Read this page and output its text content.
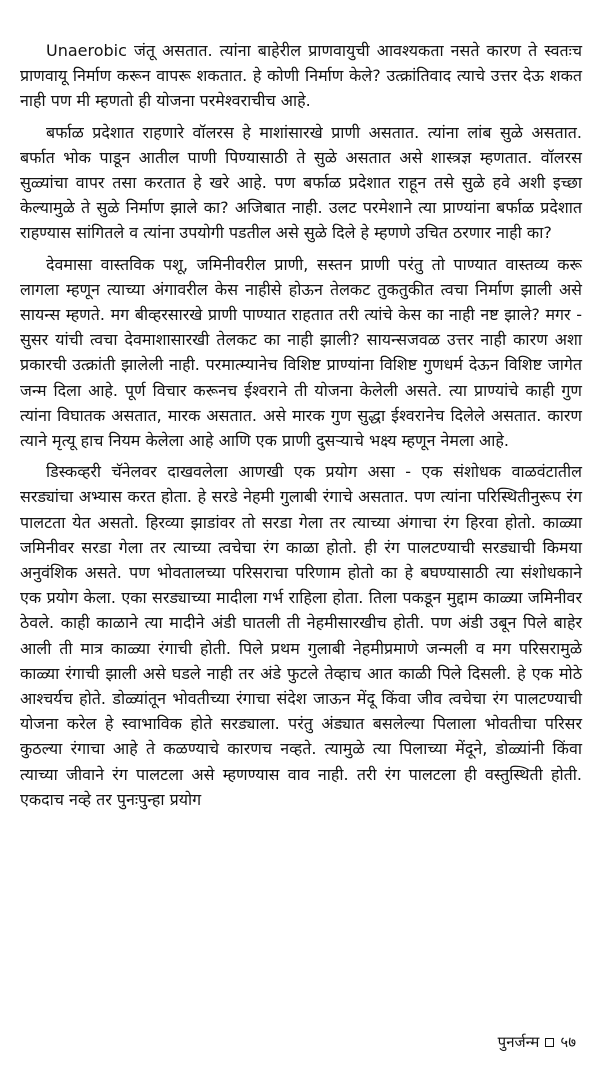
Unaerobic जंतू असतात. त्यांना बाहेरील प्राणवायुची आवश्यकता नसते कारण ते स्वतःच प्राणवायू निर्माण करून वापरू शकतात. हे कोणी निर्माण केले? उत्क्रांतिवाद त्याचे उत्तर देऊ शकत नाही पण मी म्हणतो ही योजना परमेश्वराचीच आहे.

बर्फाळ प्रदेशात राहणारे वॉलरस हे माशांसारखे प्राणी असतात. त्यांना लांब सुळे असतात. बर्फात भोक पाडून आतील पाणी पिण्यासाठी ते सुळे असतात असे शास्त्रज्ञ म्हणतात. वॉलरस सुळ्यांचा वापर तसा करतात हे खरे आहे. पण बर्फाळ प्रदेशात राहून तसे सुळे हवे अशी इच्छा केल्यामुळे ते सुळे निर्माण झाले का? अजिबात नाही. उलट परमेशाने त्या प्राण्यांना बर्फाळ प्रदेशात राहण्यास सांगितले व त्यांना उपयोगी पडतील असे सुळे दिले हे म्हणणे उचित ठरणार नाही का?

देवमासा वास्तविक पशू, जमिनीवरील प्राणी, सस्तन प्राणी परंतु तो पाण्यात वास्तव्य करू लागला म्हणून त्याच्या अंगावरील केस नाहीसे होऊन तेलकट तुकतुकीत त्वचा निर्माण झाली असे सायन्स म्हणते. मग बीव्हरसारखे प्राणी पाण्यात राहतात तरी त्यांचे केस का नाही नष्ट झाले? मगर - सुसर यांची त्वचा देवमाशासारखी तेलकट का नाही झाली? सायन्सजवळ उत्तर नाही कारण अशा प्रकारची उत्क्रांती झालेली नाही. परमात्म्यानेच विशिष्ट प्राण्यांना विशिष्ट गुणधर्म देऊन विशिष्ट जागेत जन्म दिला आहे. पूर्ण विचार करूनच ईश्वराने ती योजना केलेली असते. त्या प्राण्यांचे काही गुण त्यांना विघातक असतात, मारक असतात. असे मारक गुण सुद्धा ईश्वरानेच दिलेले असतात. कारण त्याने मृत्यू हाच नियम केलेला आहे आणि एक प्राणी दुसऱ्याचे भक्ष्य म्हणून नेमला आहे.

डिस्कव्हरी चॅनेलवर दाखवलेला आणखी एक प्रयोग असा - एक संशोधक वाळवंटातील सरड्यांचा अभ्यास करत होता. हे सरडे नेहमी गुलाबी रंगाचे असतात. पण त्यांना परिस्थितीनुरूप रंग पालटता येत असतो. हिरव्या झाडांवर तो सरडा गेला तर त्याच्या अंगाचा रंग हिरवा होतो. काळ्या जमिनीवर सरडा गेला तर त्याच्या त्वचेचा रंग काळा होतो. ही रंग पालटण्याची सरड्याची किमया अनुवंशिक असते. पण भोवतालच्या परिसराचा परिणाम होतो का हे बघण्यासाठी त्या संशोधकाने एक प्रयोग केला. एका सरड्याच्या मादीला गर्भ राहिला होता. तिला पकडून मुद्दाम काळ्या जमिनीवर ठेवले. काही काळाने त्या मादीने अंडी घातली ती नेहमीसारखीच होती. पण अंडी उबून पिले बाहेर आली ती मात्र काळ्या रंगाची होती. पिले प्रथम गुलाबी नेहमीप्रमाणे जन्मली व मग परिसरामुळे काळ्या रंगाची झाली असे घडले नाही तर अंडे फुटले तेव्हाच आत काळी पिले दिसली. हे एक मोठे आश्चर्यच होते. डोळ्यांतून भोवतीच्या रंगाचा संदेश जाऊन मेंदू किंवा जीव त्वचेचा रंग पालटण्याची योजना करेल हे स्वाभाविक होते सरड्याला. परंतु अंड्यात बसलेल्या पिलाला भोवतीचा परिसर कुठल्या रंगाचा आहे ते कळण्याचे कारणच नव्हते. त्यामुळे त्या पिलाच्या मेंदूने, डोळ्यांनी किंवा त्याच्या जीवाने रंग पालटला असे म्हणण्यास वाव नाही. तरी रंग पालटला ही वस्तुस्थिती होती. एकदाच नव्हे तर पुनःपुन्हा प्रयोग

पुनर्जन्म ५७
